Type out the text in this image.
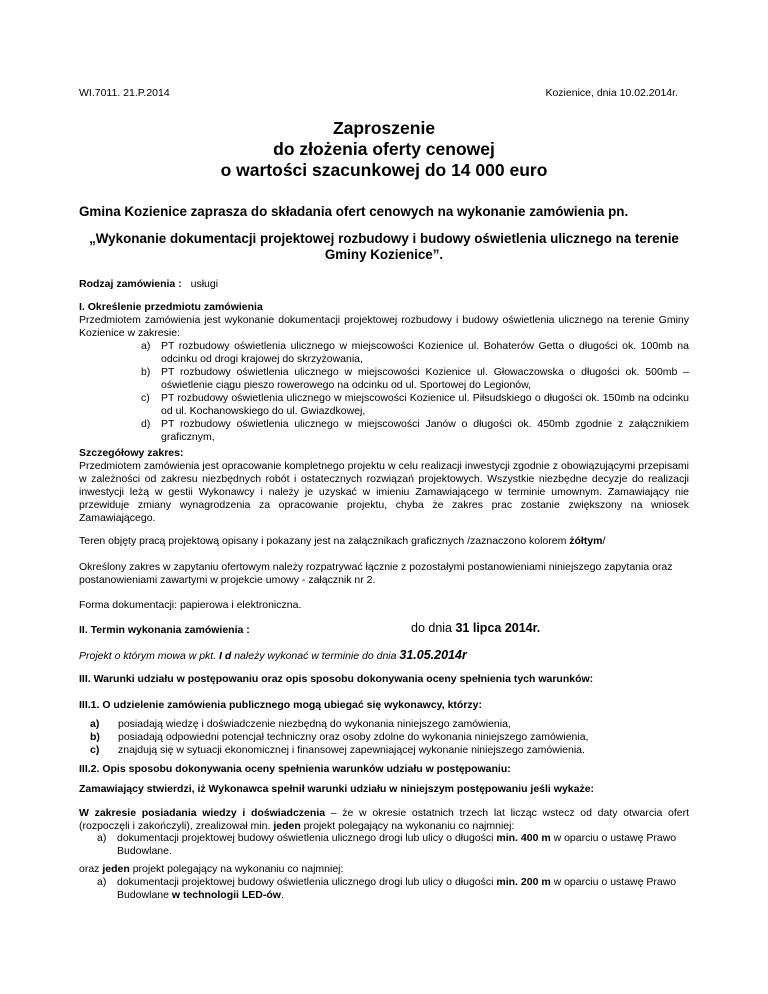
WI.7011. 21.P.2014	Kozienice, dnia 10.02.2014r.
Zaproszenie
do złożenia oferty cenowej
o wartości szacunkowej do 14 000 euro
Gmina Kozienice zaprasza do składania ofert cenowych na wykonanie zamówienia pn.
„Wykonanie dokumentacji projektowej rozbudowy i budowy oświetlenia ulicznego na terenie Gminy Kozienice”.
Rodzaj zamówienia : usługi

I. Określenie przedmiotu zamówienia

Przedmiotem zamówienia jest wykonanie dokumentacji projektowej rozbudowy i budowy oświetlenia ulicznego na terenie Gminy Kozienice w zakresie:

a) PT rozbudowy oświetlenia ulicznego w miejscowości Kozienice ul. Bohaterów Getta o długości ok. 100mb na odcinku od drogi krajowej do skrzyżowania,
b) PT rozbudowy oświetlenia ulicznego w miejscowości Kozienice ul. Głowaczowska o długości ok. 500mb – oświetlenie ciągu pieszo rowerowego na odcinku od ul. Sportowej do Legionów,
c) PT rozbudowy oświetlenia ulicznego w miejscowości Kozienice ul. Piłsudskiego o długości ok. 150mb na odcinku od ul. Kochanowskiego do ul. Gwiazdkowej,
d) PT rozbudowy oświetlenia ulicznego w miejscowości Janów o długości ok. 450mb zgodnie z załącznikiem graficznym,

Szczegółowy zakres:

Przedmiotem zamówienia jest opracowanie kompletnego projektu w celu realizacji inwestycji zgodnie z obowiązującymi przepisami w zależności od zakresu niezbędnych robót i ostatecznych rozwiązań projektowych. Wszystkie niezbędne decyzje do realizacji inwestycji leżą w gestii Wykonawcy i należy je uzyskać w imieniu Zamawiającego w terminie umownym. Zamawiający nie przewiduje zmiany wynagrodzenia za opracowanie projektu, chyba że zakres prac zostanie zwiększony na wniosek Zamawiającego.

Teren objęty pracą projektową opisany i pokazany jest na załącznikach graficznych /zaznaczono kolorem żółtym/
Określony zakres w zapytaniu ofertowym należy rozpatrywać łącznie z pozostałymi postanowieniami niniejszego zapytania oraz postanowieniami zawartymi w projekcie umowy - załącznik nr 2.
Forma dokumentacji: papierowa i elektroniczna.
II. Termin wykonania zamówienia :	do dnia 31 lipca 2014r.
Projekt o którym mowa w pkt. I d należy wykonać w terminie do dnia 31.05.2014r
III. Warunki udziału w postępowaniu oraz opis sposobu dokonywania oceny spełnienia tych warunków:
III.1. O udzielenie zamówienia publicznego mogą ubiegać się wykonawcy, którzy:
a) posiadają wiedzę i doświadczenie niezbędną do wykonania niniejszego zamówienia,
b) posiadają odpowiedni potencjał techniczny oraz osoby zdolne do wykonania niniejszego zamówienia,
c) znajdują się w sytuacji ekonomicznej i finansowej zapewniającej wykonanie niniejszego zamówienia.
III.2. Opis sposobu dokonywania oceny spełnienia warunków udziału w postępowaniu:
Zamawiający stwierdzi, iż Wykonawca spełnił warunki udziału w niniejszym postępowaniu jeśli wykaże:
W zakresie posiadania wiedzy i doświadczenia – że w okresie ostatnich trzech lat licząc wstecz od daty otwarcia ofert (rozpoczęli i zakończyli), zrealizował min. jeden projekt polegający na wykonaniu co najmniej:
a) dokumentacji projektowej budowy oświetlenia ulicznego drogi lub ulicy o długości min. 400 m w oparciu o ustawę Prawo Budowlane.
oraz jeden projekt polegający na wykonaniu co najmniej:
a) dokumentacji projektowej budowy oświetlenia ulicznego drogi lub ulicy o długości min. 200 m w oparciu o ustawę Prawo Budowlane w technologii LED-ów.
